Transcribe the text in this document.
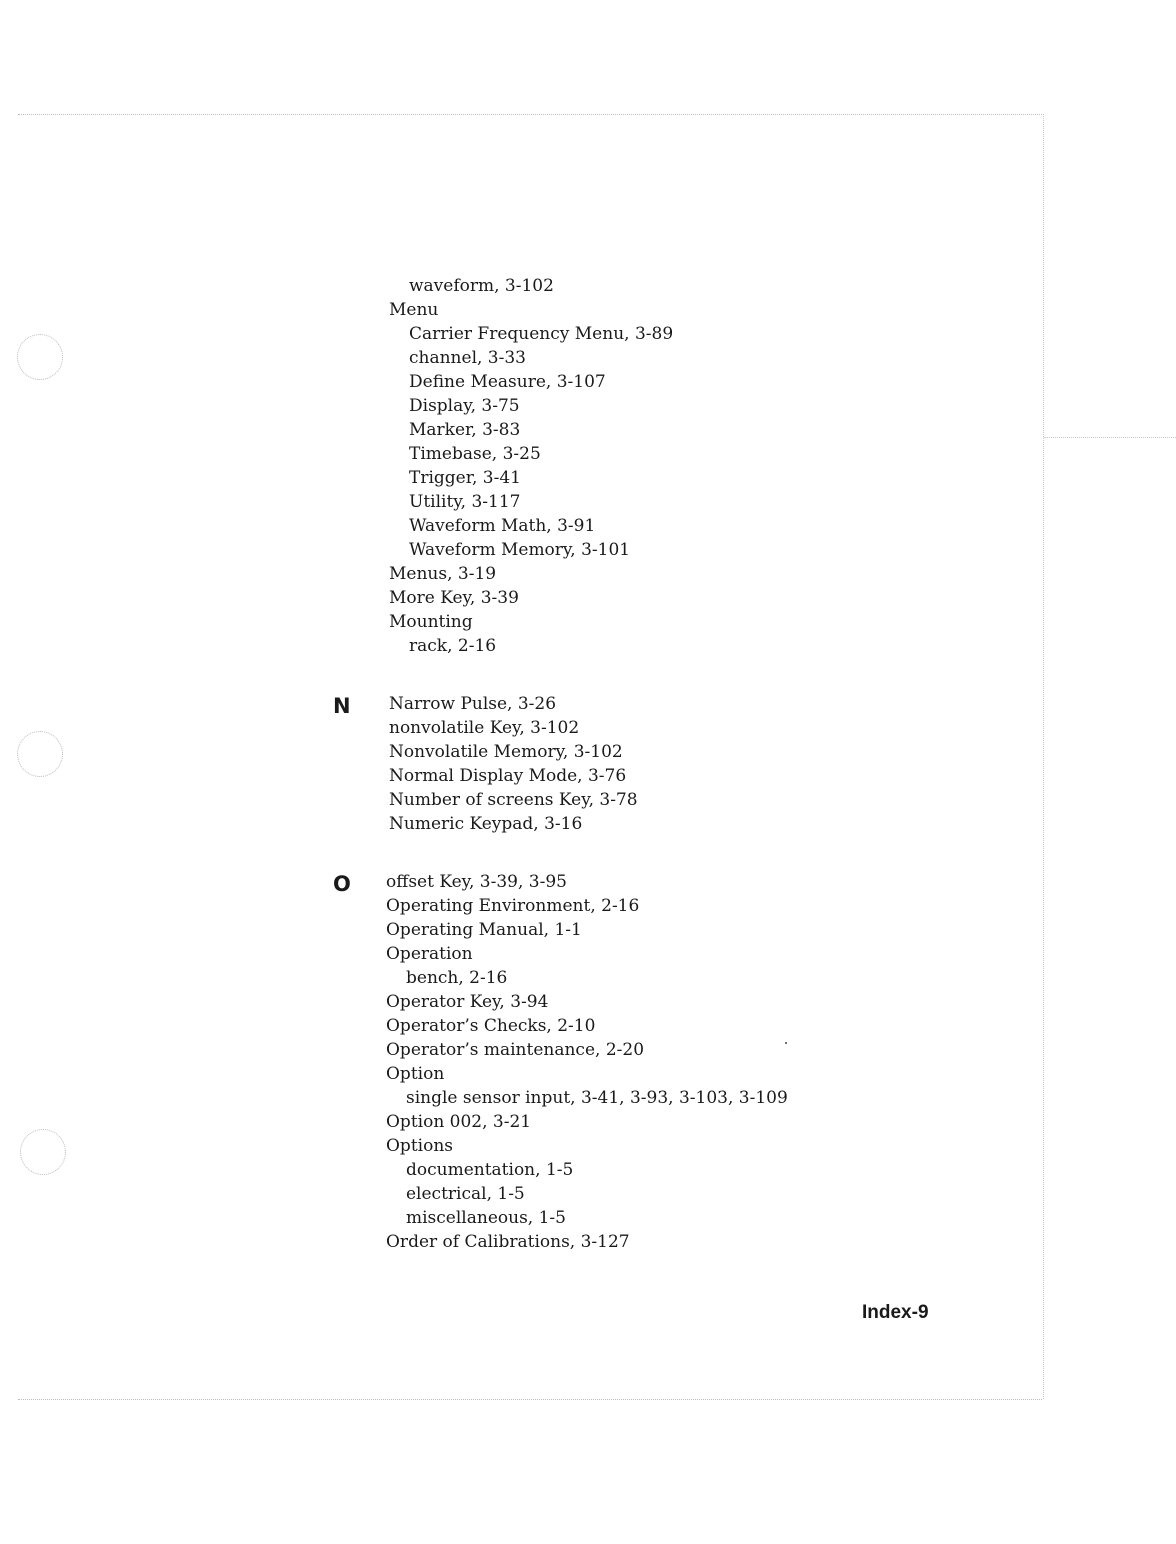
waveform, 3-102
Menu
Carrier Frequency Menu, 3-89
channel, 3-33
Define Measure, 3-107
Display, 3-75
Marker, 3-83
Timebase, 3-25
Trigger, 3-41
Utility, 3-117
Waveform Math, 3-91
Waveform Memory, 3-101
Menus, 3-19
More Key, 3-39
Mounting
rack, 2-16
N Narrow Pulse, 3-26
nonvolatile Key, 3-102
Nonvolatile Memory, 3-102
Normal Display Mode, 3-76
Number of screens Key, 3-78
Numeric Keypad, 3-16
O offset Key, 3-39, 3-95
Operating Environment, 2-16
Operating Manual, 1-1
Operation
bench, 2-16
Operator Key, 3-94
Operator’s Checks, 2-10
Operator’s maintenance, 2-20
Option
single sensor input, 3-41, 3-93, 3-103, 3-109
Option 002, 3-21
Options
documentation, 1-5
electrical, 1-5
miscellaneous, 1-5
Order of Calibrations, 3-127
Index-9
